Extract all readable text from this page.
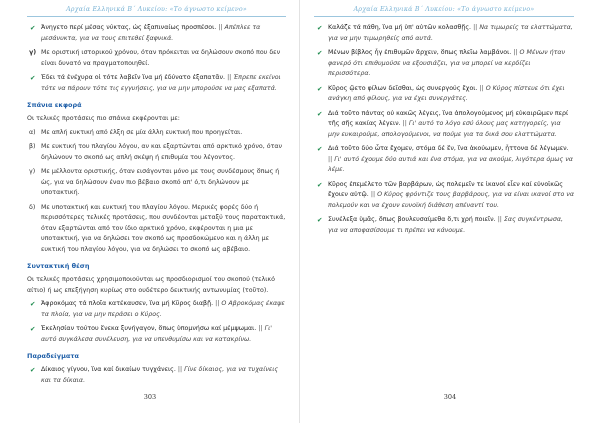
Αρχαία Ελληνικά Β΄ Λυκείου: «Το άγνωστο κείμενο»
✔ Άνηγετο περί μέσας νύκτας, ὡς ἐξαπιναίως προσπέσοι. || Απέπλεε τα μεσάνυκτα, για να τους επιτεθεί ξαφνικά.
γ) Με οριστική ιστορικού χρόνου, όταν πρόκειται να δηλώσουν σκοπό που δεν είναι δυνατό να πραγματοποιηθεί.
✔ Έδει τά ἐνέχυρα οἱ τότε λαβεῖν ἵνα μή ἐδύνατο ἐξαπατᾶν. || Έπρεπε εκείνοι τότε να πάρουν τότε τις εγγυήσεις, για να μην μπορούσε να μας εξαπατά.
Σπάνια εκφορά

Οι τελικές προτάσεις πιο σπάνια εκφέρονται με:

α) Με απλή ευκτική από έλξη σε μία άλλη ευκτική που προηγείται.
β) Με ευκτική του πλαγίου λόγου, αν και εξαρτώνται από αρκτικό χρόνο, όταν δηλώνουν το σκοπό ως απλή σκέψη ή επιθυμία του λέγοντος.
γ) Με μέλλοντα οριστικής, όταν εισάγονται μόνο με τους συνδέσμους ὅπως ή ὡς, για να δηλώσουν έναν πιο βέβαιο σκοπό απ' ό,τι δηλώνουν με υποτακτική.
δ) Με υποτακτική και ευκτική του πλαγίου λόγου. Μερικές φορές δύο ή περισσότερες τελικές προτάσεις, που συνδέονται μεταξύ τους παρατακτικά, όταν εξαρτώνται από τον ίδιο αρκτικό χρόνο, εκφέρονται η μια με υποτακτική, για να δηλώσει τον σκοπό ως προσδοκώμενο και η άλλη με ευκτική του πλαγίου λόγου, για να δηλώσει το σκοπό ως αβέβαιο.
Συντακτική θέση

Οι τελικές προτάσεις χρησιμοποιούνται ως προσδιορισμοί του σκοπού (τελικό αίτιο) ή ως επεξήγηση κυρίως στο ουδέτερο δεικτικής αντωνυμίας (τοῦτο).

✔ Ἀφροκόμας τά πλοῖα κατέκαυσεν, ἵνα μή Κῦρος διαβῇ. || Ο Αβροκόμας έκαψε τα πλοία, για να μην περάσει ο Κύρος.
✔ Ἐκελησίαν τούτου ἕνεκα ξυνήγαγον, ὅπως ὑπομνήσω καί μέμψωμαι. || Γι' αυτό συγκάλεσα συνέλευση, για να υπενθυμίσω και να κατακρίνω.
Παραδείγματα
✔ Δίκαιος γίγνου, ἵνα καί δικαίων τυγχάνεις. || Γίνε δίκαιος, για να τυχαίνεις και τα δίκαια.
303
Αρχαία Ελληνικά Β΄ Λυκείου: «Το άγνωστο κείμενο»
✔ Καλάζε τά πάθη, ἵνα μή ὑπ' αὐτῶν κολασθῇς. || Να τιμωρείς τα ελαττώματα, για να μην τιμωρηθείς από αυτά.
✔ Μένων βίβλος ἦγ ἐπιθυμῶν ἄρχειν, ὅπως πλεῖω λαμβάνοι. || Ο Μένων ήταν φανερό ότι επιθυμούσε να εξουσιάζει, για να μπορεί να κερδίζει περισσότερα.
✔ Κῦρος ᾤετο φίλων δεῖσθαι, ὡς συνεργούς ἔχοι. || Ο Κύρος πίστευε ότι έχει ανάγκη από φίλους, για να έχει συνεργάτες.
✔ Διά τοῦτο πάντας οὐ κακῶς λέγεις, ἵνα ἀπολογούμενος μή εὐκαιρῶμεν περί τῆς σῆς κακίας λέγειν. || Γι' αυτό το λόγο εσύ όλους μας κατηγορείς, για μην ευκαιρούμε, απολογούμενοι, να πούμε για τα δικά σου ελαττώματα.
✔ Διά τοῦτο δύο ὦτα ἔχομεν, στόμα δέ ἕν, ἵνα ἀκούωμεν, ἧττονα δέ λέγωμεν. || Γι' αυτό έχουμε δύο αυτιά και ένα στόμα, για να ακούμε, λιγότερα όμως να λέμε.
✔ Κῦρος ἐπεμέλετο τῶν βαρβάρων, ὡς πολεμεῖν τε ἱκανοί εἶεν καί εὐνοϊκῶς ἔχοιεν αὐτῷ. || Ο Κύρος φρόντιζε τους βαρβάρους, για να είναι ικανοί στο να πολεμούν και να έχουν ευνοϊκή διάθεση απέναντί του.
✔ Συνέλεξα ὑμᾶς, ὅπως βουλευσαίμεθα ὅ,τι χρή ποιεῖν. || Σας συγκέντρωσα, για να αποφασίσουμε τι πρέπει να κάνουμε.
304
